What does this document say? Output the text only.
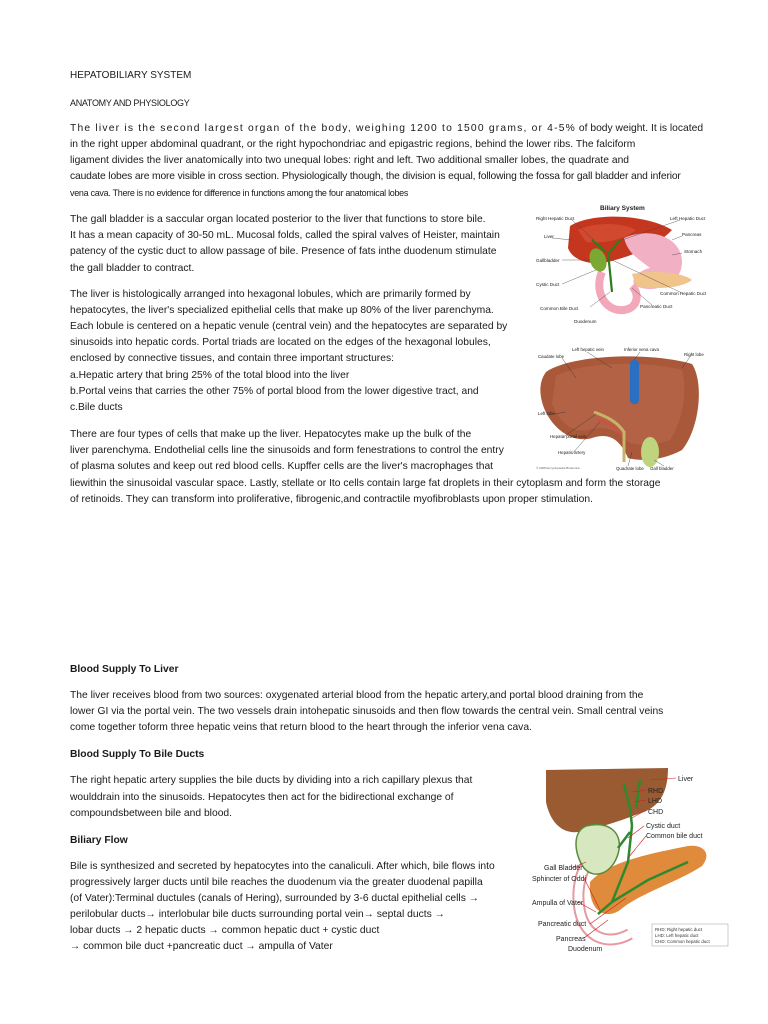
HEPATOBILIARY SYSTEM

ANATOMY AND PHYSIOLOGY

The liver is the second largest organ of the body, weighing 1200 to 1500 grams, or 4-5% of body weight. It is located

in the right upper abdominal quadrant, or the right hypochondriac and epigastric regions, behind the lower ribs. The falciform

ligament divides the liver anatomically into two unequal lobes: right and left. Two additional smaller lobes, the quadrate and

caudate lobes are more visible in cross section. Physiologically though, the division is equal, following the fossa for gall bladder and inferior

vena cava. There is no evidence for difference in functions among the four anatomical lobes

The gall bladder is a saccular organ located posterior to the liver that functions to store bile.

It has a mean capacity of 30-50 mL. Mucosal folds, called the spiral valves of Heister, maintain

patency of the cystic duct to allow passage of bile. Presence of fats inthe duodenum stimulate

the gall bladder to contract.

The liver is histologically arranged into hexagonal lobules, which are primarily formed by

hepatocytes, the liver's specialized epithelial cells that make up 80% of the liver parenchyma.

Each lobule is centered on a hepatic venule (central vein) and the hepatocytes are separated by

sinusoids into hepatic cords. Portal triads are located on the edges of the hexagonal lobules,

enclosed by connective tissues, and contain three important structures:

a.Hepatic artery that bring 25% of the total blood into the liver

b.Portal veins that carries the other 75% of portal blood from the lower digestive tract, and

c.Bile ducts

There are four types of cells that make up the liver. Hepatocytes make up the bulk of the

liver parenchyma. Endothelial cells line the sinusoids and form fenestrations to control the entry

of plasma solutes and keep out red blood cells. Kupffer cells are the liver's macrophages that

liewithin the sinusoidal vascular space. Lastly, stellate or Ito cells contain large fat droplets in their cytoplasm and form the storage

of retinoids. They can transform into proliferative, fibrogenic,and contractile myofibroblasts upon proper stimulation.

Blood Supply To Liver

The liver receives blood from two sources: oxygenated arterial blood from the hepatic artery,and portal blood draining from the

lower GI via the portal vein. The two vessels drain intohepatic sinusoids and then flow towards the central vein. Small central veins

come together toform three hepatic veins that return blood to the heart through the inferior vena cava.

Blood Supply To Bile Ducts

The right hepatic artery supplies the bile ducts by dividing into a rich capillary plexus that

woulddrain into the sinusoids. Hepatocytes then act for the bidirectional exchange of

compoundsbetween bile and blood.

Biliary Flow

Bile is synthesized and secreted by hepatocytes into the canaliculi. After which, bile flows into

progressively larger ducts until bile reaches the duodenum via the greater duodenal papilla

(of Vater):Terminal ductules (canals of Hering), surrounded by 3-6 ductal epithelial cells →

perilobular ducts→ interlobular bile ducts surrounding portal vein→ septal ducts →

lobar ducts → 2 hepatic ducts → common hepatic duct + cystic duct

→ common bile duct +pancreatic duct → ampulla of Vater

Biliary System
Right Hepatic Duct	Left Hepatic Duct
Liver	Pancreas
Stomach
Gallbladder
Cystic Duct
Common Hepatic Duct
Common Bile Duct	Pancreatic Duct
Duodenum
Left hepatic vein	Inferior vena cava
Right lobe
Caudate lobe
Left lobe
Hepatic portal vein
Hepatic artery
Quadrate lobe Gall bladder
© 2008 Encyclopædia Britannica
Liver
RHD
LHD
CHD
Cystic duct
Common bile duct
Gall Bladder
Sphincter of Oddi
Ampulla of Vater
Pancreatic duct
Pancreas
Duodenum
RHD: Right hepatic duct
LHD: Left hepatic duct
CHD: Common hepatic duct
